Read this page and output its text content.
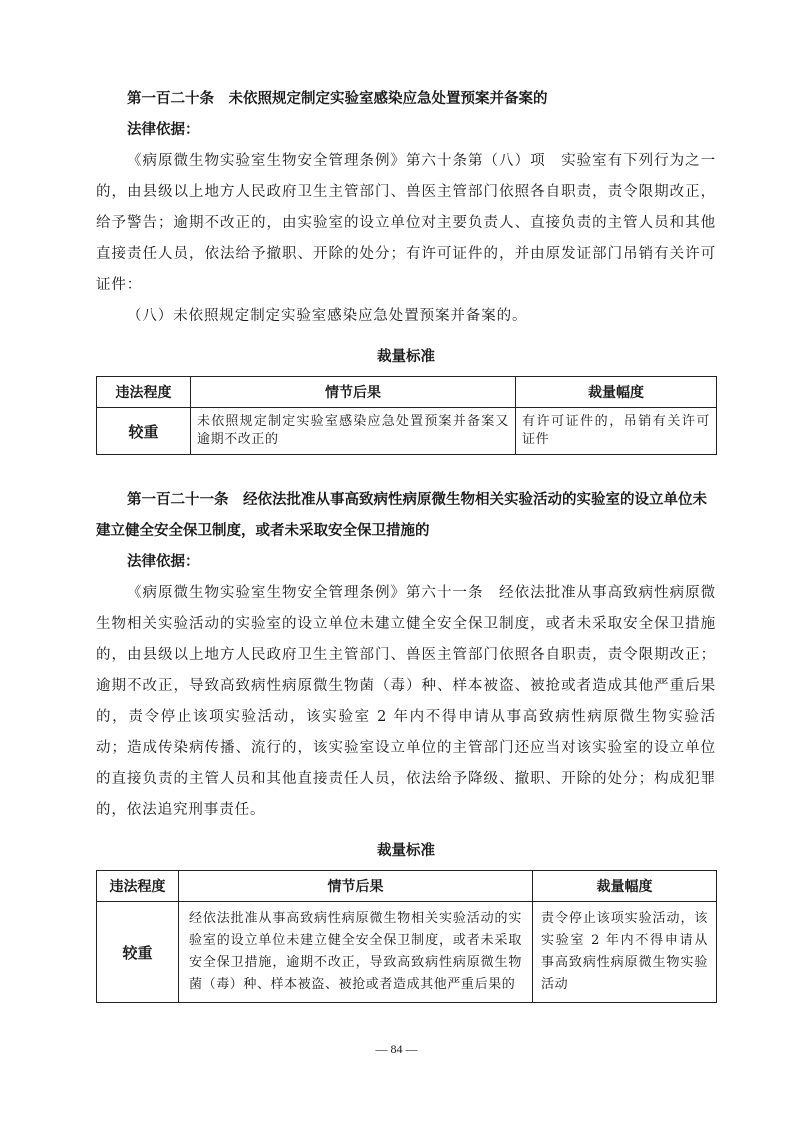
第一百二十条　未依照规定制定实验室感染应急处置预案并备案的

法律依据：

《病原微生物实验室生物安全管理条例》第六十条第（八）项　实验室有下列行为之一的，由县级以上地方人民政府卫生主管部门、兽医主管部门依照各自职责，责令限期改正，给予警告；逾期不改正的，由实验室的设立单位对主要负责人、直接负责的主管人员和其他直接责任人员，依法给予撤职、开除的处分；有许可证件的，并由原发证部门吊销有关许可证件：

（八）未依照规定制定实验室感染应急处置预案并备案的。

裁量标准

违法程度	情节后果	裁量幅度
较重	未依照规定制定实验室感染应急处置预案并备案又逾期不改正的	有许可证件的，吊销有关许可证件

第一百二十一条　经依法批准从事高致病性病原微生物相关实验活动的实验室的设立单位未建立健全安全保卫制度，或者未采取安全保卫措施的

法律依据：

《病原微生物实验室生物安全管理条例》第六十一条　经依法批准从事高致病性病原微生物相关实验活动的实验室的设立单位未建立健全安全保卫制度，或者未采取安全保卫措施的，由县级以上地方人民政府卫生主管部门、兽医主管部门依照各自职责，责令限期改正；逾期不改正，导致高致病性病原微生物菌（毒）种、样本被盗、被抢或者造成其他严重后果的，责令停止该项实验活动，该实验室 2 年内不得申请从事高致病性病原微生物实验活动；造成传染病传播、流行的，该实验室设立单位的主管部门还应当对该实验室的设立单位的直接负责的主管人员和其他直接责任人员，依法给予降级、撤职、开除的处分；构成犯罪的，依法追究刑事责任。

裁量标准

违法程度	情节后果	裁量幅度
较重	经依法批准从事高致病性病原微生物相关实验活动的实验室的设立单位未建立健全安全保卫制度，或者未采取安全保卫措施，逾期不改正，导致高致病性病原微生物菌（毒）种、样本被盗、被抢或者造成其他严重后果的	责令停止该项实验活动，该实验室 2 年内不得申请从事高致病性病原微生物实验活动
— 84 —
